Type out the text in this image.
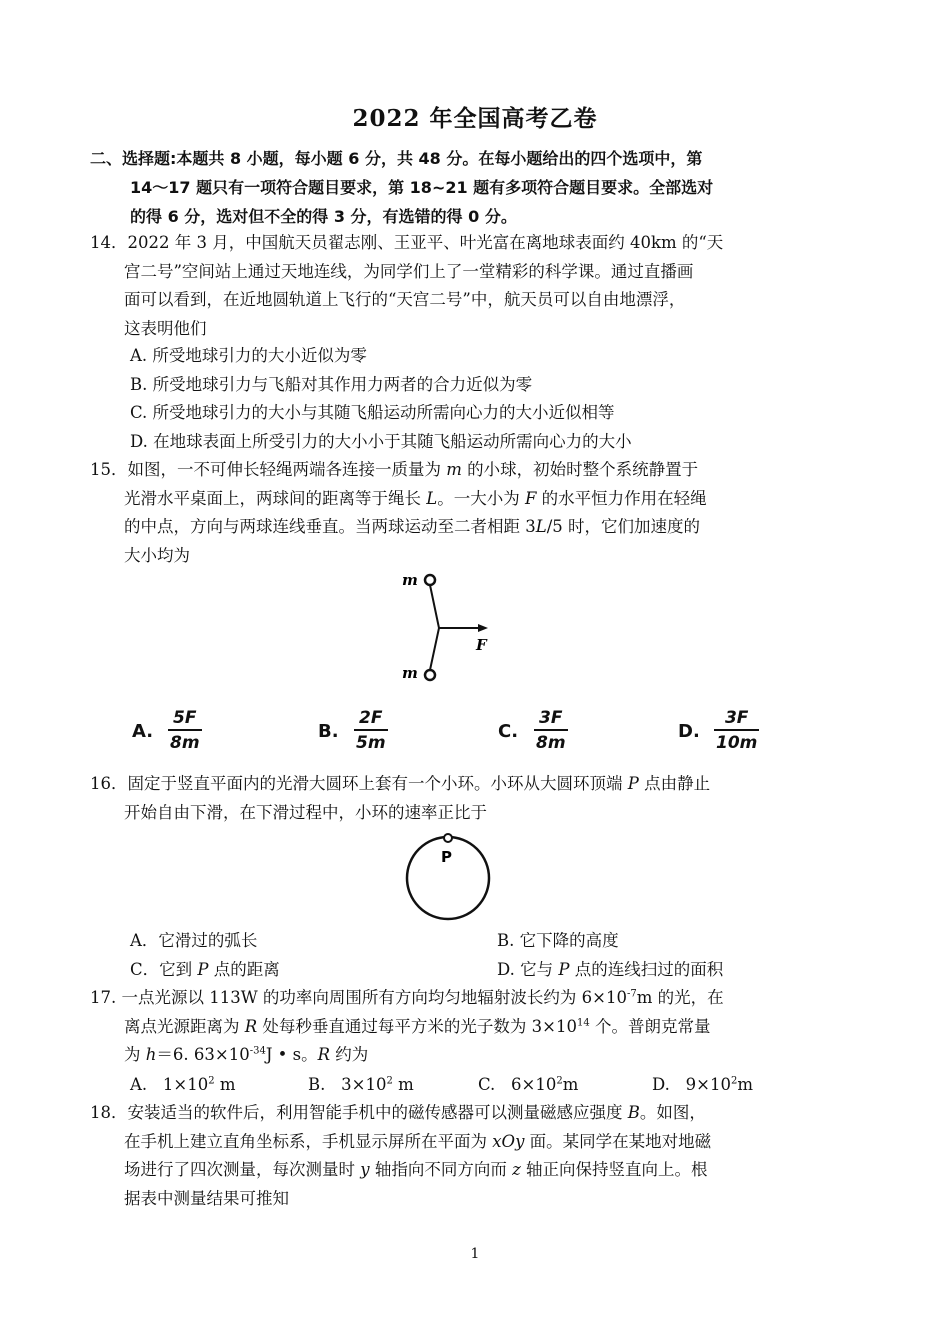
2022 年全国高考乙卷
二、选择题:本题共 8 小题，每小题 6 分，共 48 分。在每小题给出的四个选项中，第
14～17 题只有一项符合题目要求，第 18~21 题有多项符合题目要求。全部选对
的得 6 分，选对但不全的得 3 分，有选错的得 0 分。
14．2022 年 3 月，中国航天员翟志刚、王亚平、叶光富在离地球表面约 40km 的“天
宫二号”空间站上通过天地连线，为同学们上了一堂精彩的科学课。通过直播画
面可以看到，在近地圆轨道上飞行的“天宫二号”中，航天员可以自由地漂浮，
这表明他们
A. 所受地球引力的大小近似为零
B. 所受地球引力与飞船对其作用力两者的合力近似为零
C. 所受地球引力的大小与其随飞船运动所需向心力的大小近似相等
D. 在地球表面上所受引力的大小小于其随飞船运动所需向心力的大小
15．如图，一不可伸长轻绳两端各连接一质量为 m 的小球，初始时整个系统静置于
光滑水平桌面上，两球间的距离等于绳长 L。一大小为 F 的水平恒力作用在轻绳
的中点，方向与两球连线垂直。当两球运动至二者相距 3L/5 时，它们加速度的
大小均为
m
m
F
A.
5F
8m
B.
2F
5m
C.
3F
8m
D.
3F
10m
16．固定于竖直平面内的光滑大圆环上套有一个小环。小环从大圆环顶端 P 点由静止
开始自由下滑，在下滑过程中，小环的速率正比于
P
A．它滑过的弧长	B. 它下降的高度
C．它到 P 点的距离	D. 它与 P 点的连线扫过的面积
17. 一点光源以 113W 的功率向周围所有方向均匀地辐射波长约为 $6\times 10^{-7}m$ 的光，在
离点光源距离为 R 处每秒垂直通过每平方米的光子数为 $3\times 10^{14}$ 个。普朗克常量
为 h＝6. $63\times 10^{-34}J$ • s。R 约为
A. $1\times 10^2$ m	B. $3\times 10^2$ m	C. $6\times 10^2m$	D. $9\times 10^2m$
18．安装适当的软件后，利用智能手机中的磁传感器可以测量磁感应强度 B。如图，
在手机上建立直角坐标系，手机显示屏所在平面为 xOy 面。某同学在某地对地磁
场进行了四次测量，每次测量时 y 轴指向不同方向而 z 轴正向保持竖直向上。根
据表中测量结果可推知
1
